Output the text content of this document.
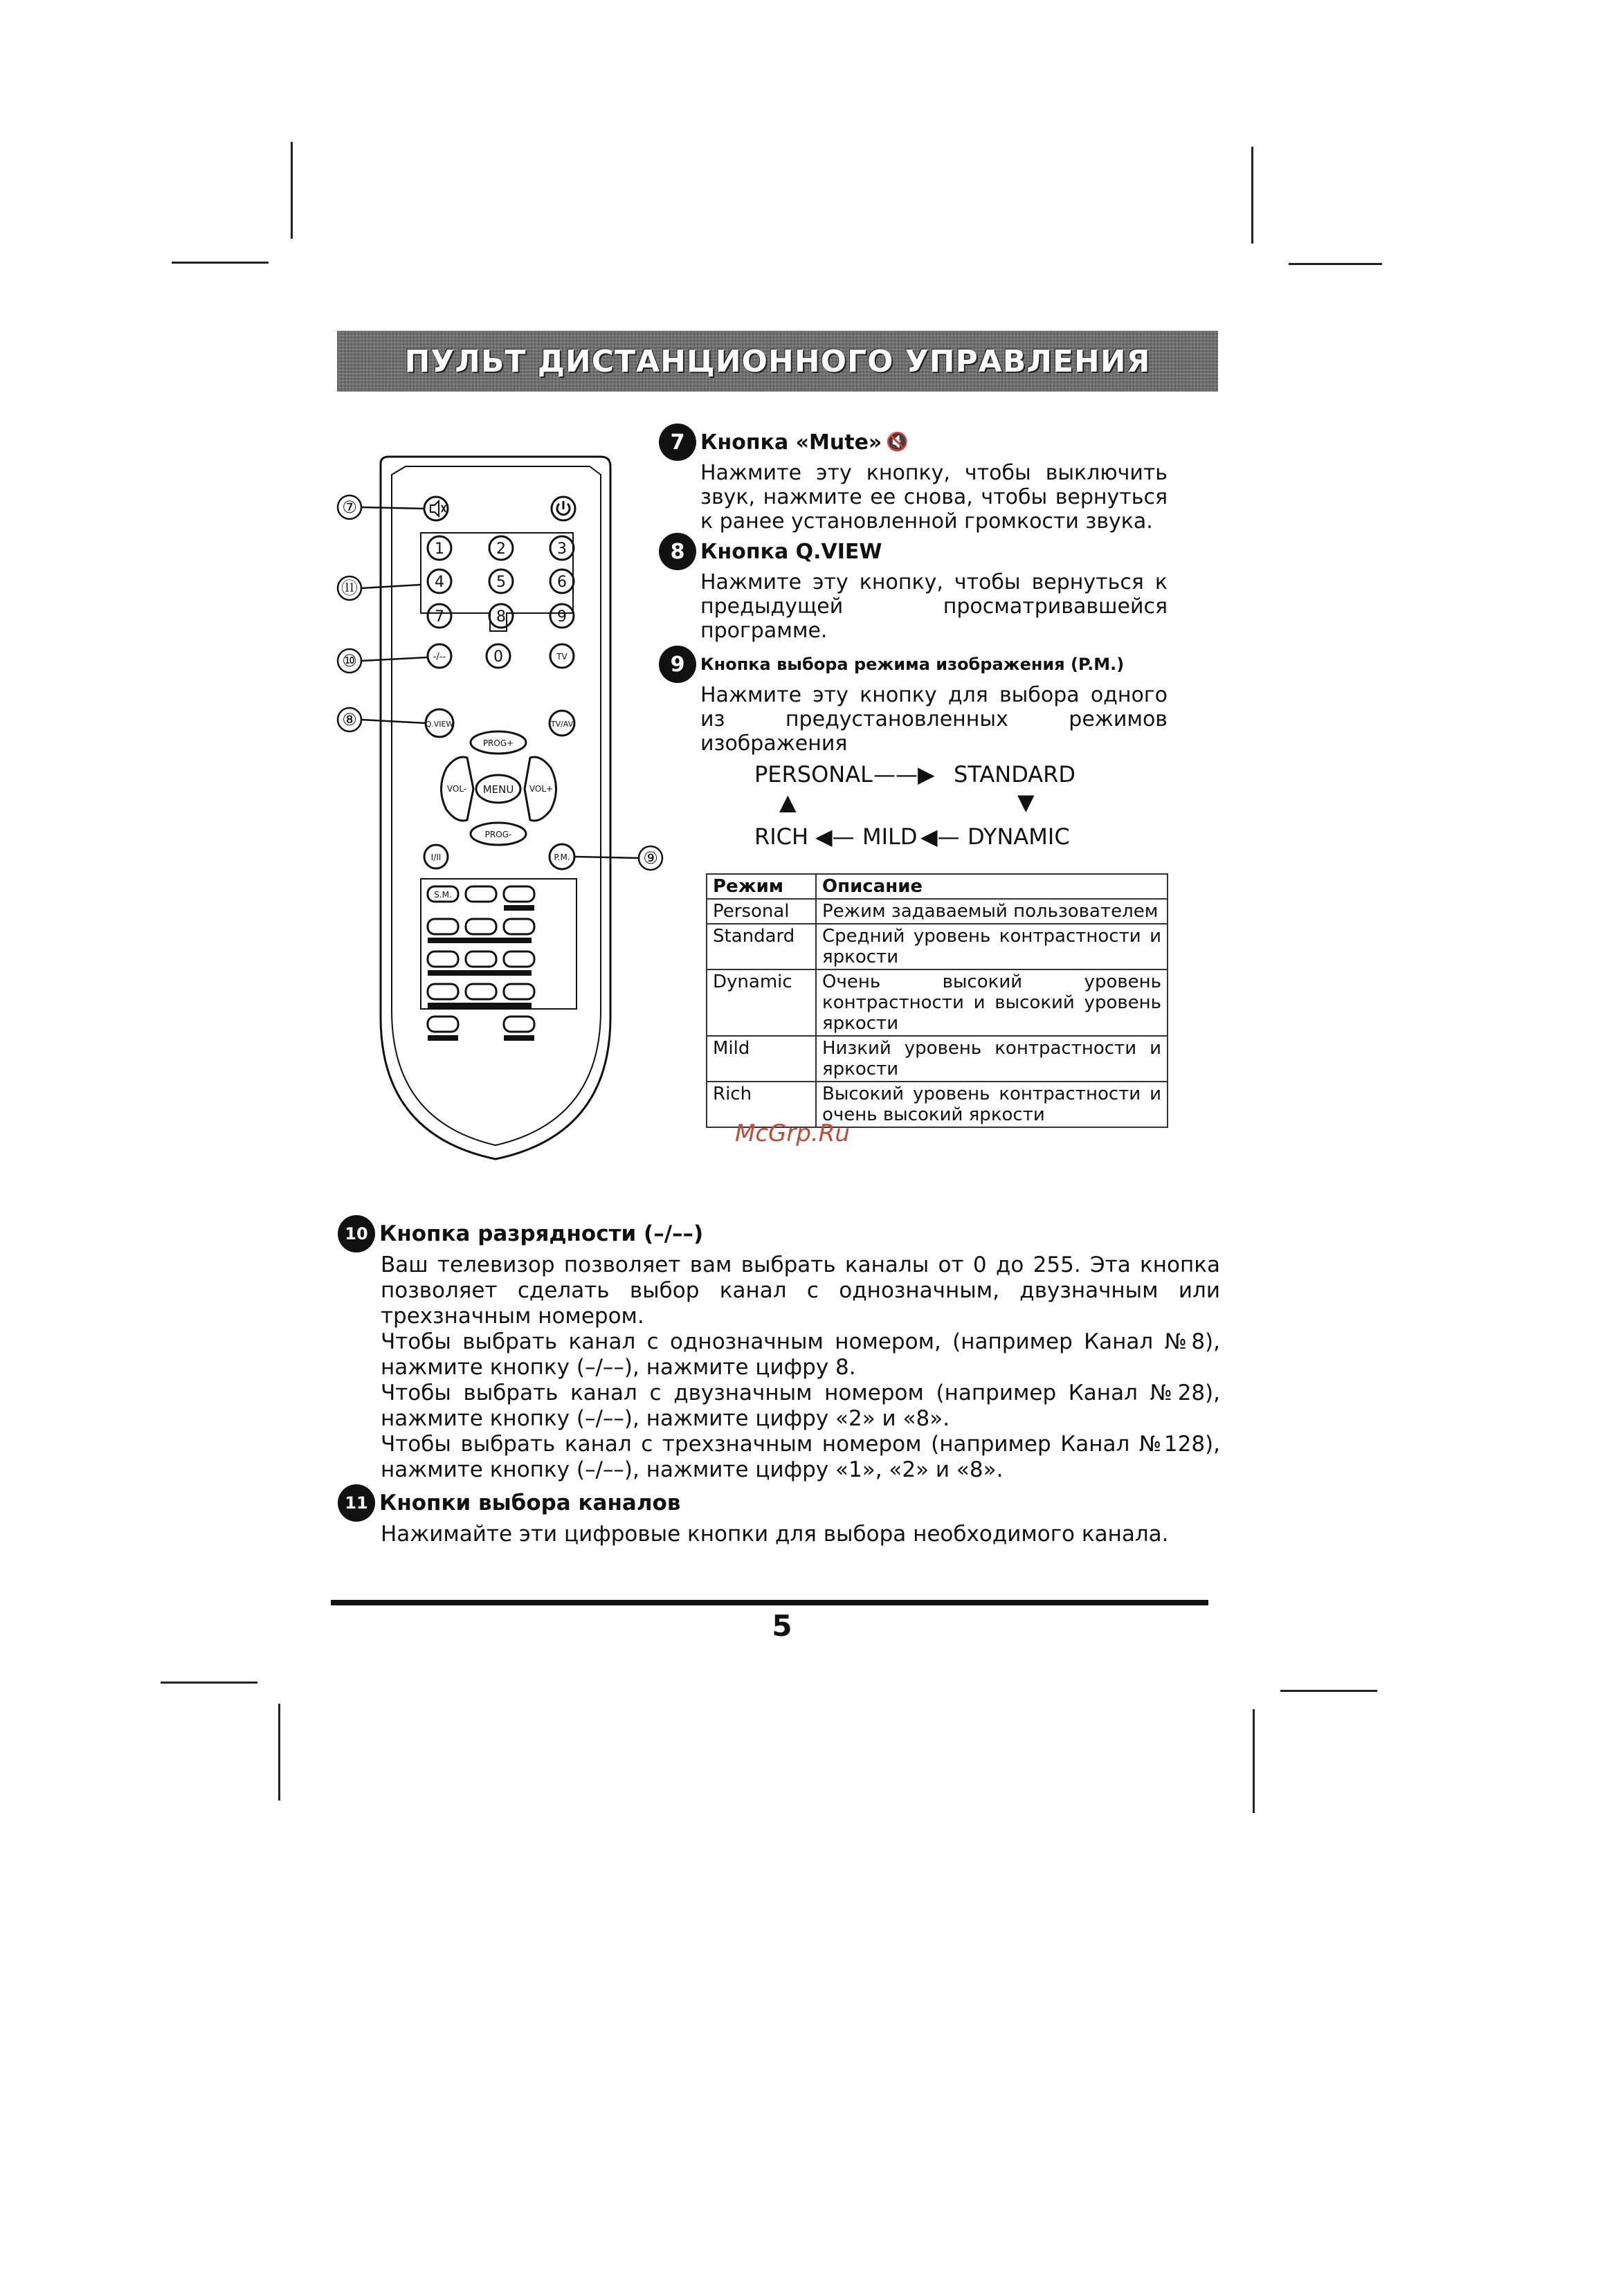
ПУЛЬТ ДИСТАНЦИОННОГО УПРАВЛЕНИЯ
⑦
⑪
⑩
⑧
⑨
1	2	3
4	5	6
7	8	9
0
-/--	TV
Q.VIEW	TV/AV
PROG+
VOL- MENU VOL+
PROG-
I/II	P.M.
S.M.
7 Кнопка «Mute» 🔇
Нажмите эту кнопку, чтобы выключить звук, нажмите ее снова, чтобы вернуться к ранее установленной громкости звука.
8 Кнопка Q.VIEW
Нажмите эту кнопку, чтобы вернуться к предыдущей просматривавшейся программе.
9 Кнопка выбора режима изображения (P.M.)
Нажмите эту кнопку для выбора одного из предустановленных режимов изображения
PERSONAL ——▶ STANDARD
▲	▼
RICH ◀— MILD ◀— DYNAMIC
Режим	Описание
Personal	Режим задаваемый пользователем
Standard	Средний уровень контрастности и яркости
Dynamic	Очень высокий уровень контрастности и высокий уровень яркости
Mild	Низкий уровень контрастности и яркости
Rich	Высокий уровень контрастности и очень высокий яркости
McGrp.Ru
10 Кнопка разрядности (–/––)
Ваш телевизор позволяет вам выбрать каналы от 0 до 255. Эта кнопка позволяет сделать выбор канал с однозначным, двузначным или трехзначным номером.
Чтобы выбрать канал с однозначным номером, (например Канал №8), нажмите кнопку (–/––), нажмите цифру 8.
Чтобы выбрать канал с двузначным номером (например Канал №28), нажмите кнопку (–/––), нажмите цифру «2» и «8».
Чтобы выбрать канал с трехзначным номером (например Канал №128), нажмите кнопку (–/––), нажмите цифру «1», «2» и «8».
11 Кнопки выбора каналов
Нажимайте эти цифровые кнопки для выбора необходимого канала.
5
